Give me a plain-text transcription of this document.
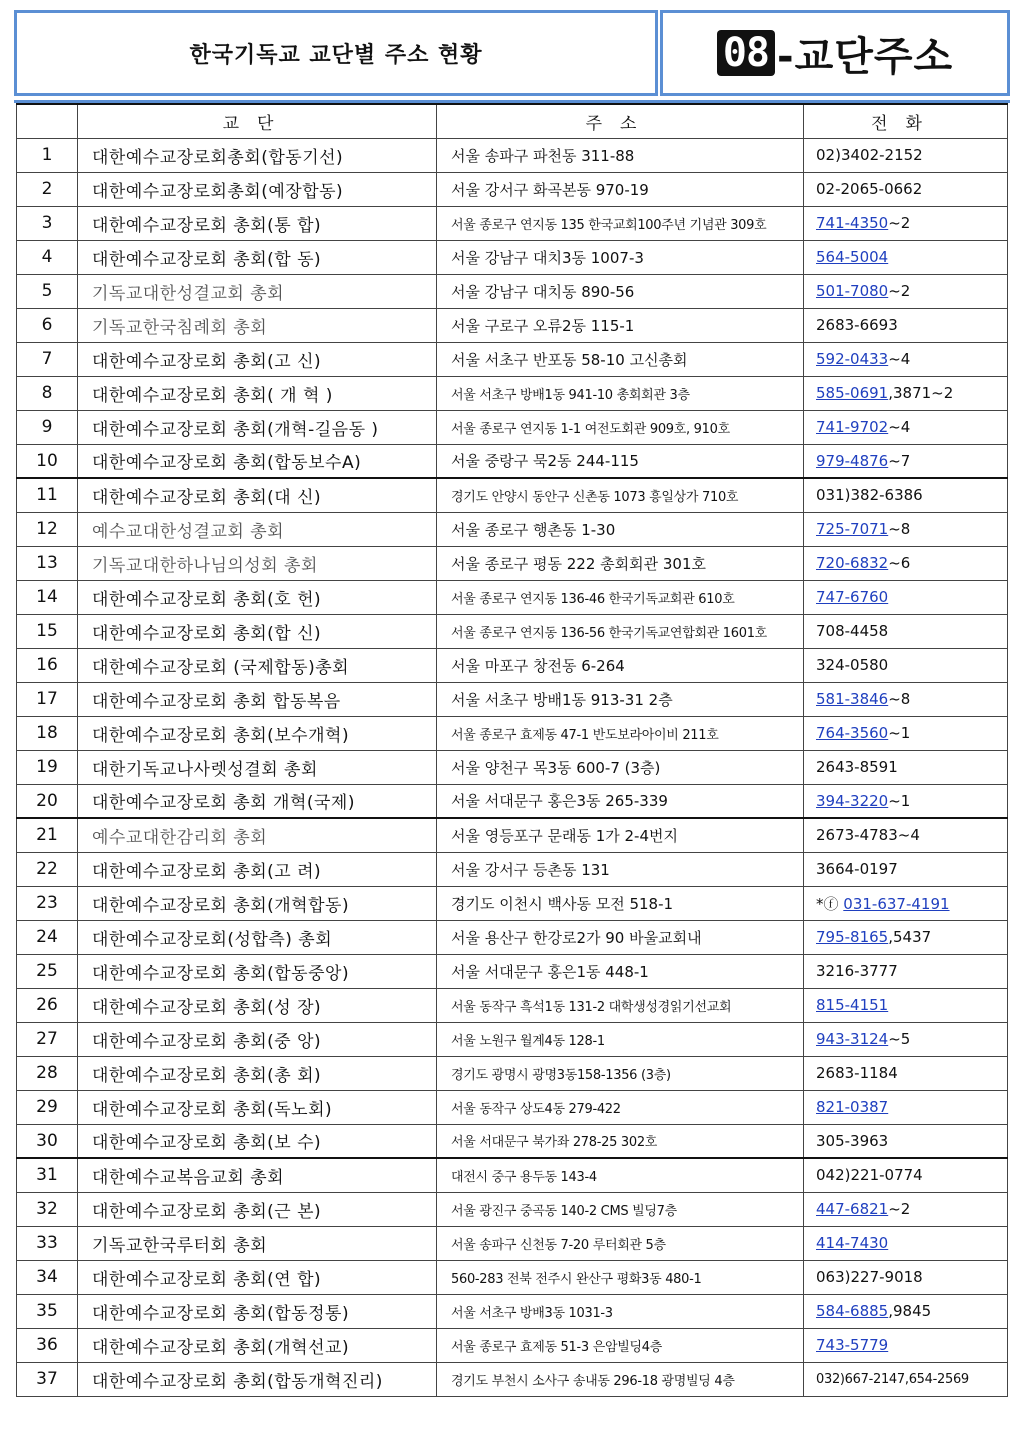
한국기독교 교단별 주소 현황	08 -교단주소
	교단	주소	전화
1	대한예수교장로회총회(합동기선)	서울 송파구 파천동 311-88	02)3402-2152
2	대한예수교장로회총회(예장합동)	서울 강서구 화곡본동 970-19	02-2065-0662
3	대한예수교장로회 총회(통 합)	서울 종로구 연지동 135 한국교회100주년 기념관 309호	741-4350~2
4	대한예수교장로회 총회(합 동)	서울 강남구 대치3동 1007-3	564-5004
5	기독교대한성결교회 총회	서울 강남구 대치동 890-56	501-7080~2
6	기독교한국침례회 총회	서울 구로구 오류2동 115-1	2683-6693
7	대한예수교장로회 총회(고 신)	서울 서초구 반포동 58-10 고신총회	592-0433~4
8	대한예수교장로회 총회( 개 혁 )	서울 서초구 방배1동 941-10 총회회관 3층	585-0691,3871~2
9	대한예수교장로회 총회(개혁-길음동 )	서울 종로구 연지동 1-1 여전도회관 909호, 910호	741-9702~4
10	대한예수교장로회 총회(합동보수A)	서울 중랑구 묵2동 244-115	979-4876~7
11	대한예수교장로회 총회(대 신)	경기도 안양시 동안구 신촌동 1073 흥일상가 710호	031)382-6386
12	예수교대한성결교회 총회	서울 종로구 행촌동 1-30	725-7071~8
13	기독교대한하나님의성회 총회	서울 종로구 평동 222 총회회관 301호	720-6832~6
14	대한예수교장로회 총회(호 헌)	서울 종로구 연지동 136-46 한국기독교회관 610호	747-6760
15	대한예수교장로회 총회(합 신)	서울 종로구 연지동 136-56 한국기독교연합회관 1601호	708-4458
16	대한예수교장로회 (국제합동)총회	서울 마포구 창전동 6-264	324-0580
17	대한예수교장로회 총회 합동복음	서울 서초구 방배1동 913-31 2층	581-3846~8
18	대한예수교장로회 총회(보수개혁)	서울 종로구 효제동 47-1 반도보라아이비 211호	764-3560~1
19	대한기독교나사렛성결회 총회	서울 양천구 목3동 600-7 (3층)	2643-8591
20	대한예수교장로회 총회 개혁(국제)	서울 서대문구 홍은3동 265-339	394-3220~1
21	예수교대한감리회 총회	서울 영등포구 문래동 1가 2-4번지	2673-4783~4
22	대한예수교장로회 총회(고 려)	서울 강서구 등촌동 131	3664-0197
23	대한예수교장로회 총회(개혁합동)	경기도 이천시 백사동 모전 518-1	*ⓕ 031-637-4191
24	대한예수교장로회(성합측) 총회	서울 용산구 한강로2가 90 바울교회내	795-8165,5437
25	대한예수교장로회 총회(합동중앙)	서울 서대문구 홍은1동 448-1	3216-3777
26	대한예수교장로회 총회(성 장)	서울 동작구 흑석1동 131-2 대학생성경읽기선교회	815-4151
27	대한예수교장로회 총회(중 앙)	서울 노원구 월계4동 128-1	943-3124~5
28	대한예수교장로회 총회(총 회)	경기도 광명시 광명3동158-1356 (3층)	2683-1184
29	대한예수교장로회 총회(독노회)	서울 동작구 상도4동 279-422	821-0387
30	대한예수교장로회 총회(보 수)	서울 서대문구 북가좌 278-25 302호	305-3963
31	대한예수교복음교회 총회	대전시 중구 용두동 143-4	042)221-0774
32	대한예수교장로회 총회(근 본)	서울 광진구 중곡동 140-2 CMS 빌딩7층	447-6821~2
33	기독교한국루터회 총회	서울 송파구 신천동 7-20 루터회관 5층	414-7430
34	대한예수교장로회 총회(연 합)	560-283 전북 전주시 완산구 평화3동 480-1	063)227-9018
35	대한예수교장로회 총회(합동정통)	서울 서초구 방배3동 1031-3	584-6885,9845
36	대한예수교장로회 총회(개혁선교)	서울 종로구 효제동 51-3 은암빌딩4층	743-5779
37	대한예수교장로회 총회(합동개혁진리)	경기도 부천시 소사구 송내동 296-18 광명빌딩 4층	032)667-2147,654-2569
